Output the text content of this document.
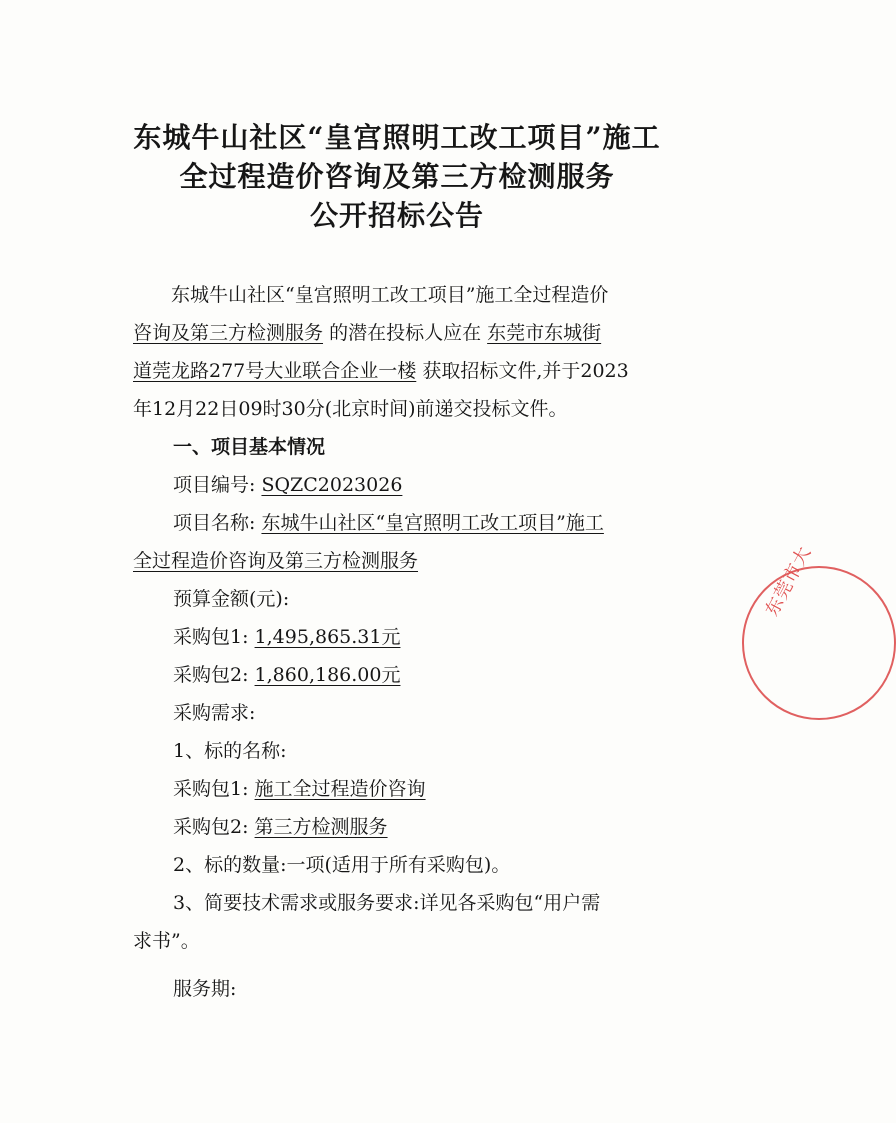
东城牛山社区“皇宫照明工改工项目”施工
全过程造价咨询及第三方检测服务
公开招标公告
东城牛山社区“皇宫照明工改工项目”施工全过程造价
咨询及第三方检测服务 的潜在投标人应在 东莞市东城街
道莞龙路277号大业联合企业一楼 获取招标文件,并于2023
年12月22日09时30分(北京时间)前递交投标文件。
一、项目基本情况
项目编号: SQZC2023026
项目名称: 东城牛山社区“皇宫照明工改工项目”施工
全过程造价咨询及第三方检测服务
预算金额(元):
采购包1: 1,495,865.31元
采购包2: 1,860,186.00元
采购需求:
1、标的名称:
采购包1: 施工全过程造价咨询
采购包2: 第三方检测服务
2、标的数量:一项(适用于所有采购包)。
3、简要技术需求或服务要求:详见各采购包“用户需
求书”。
服务期:
东莞市大
